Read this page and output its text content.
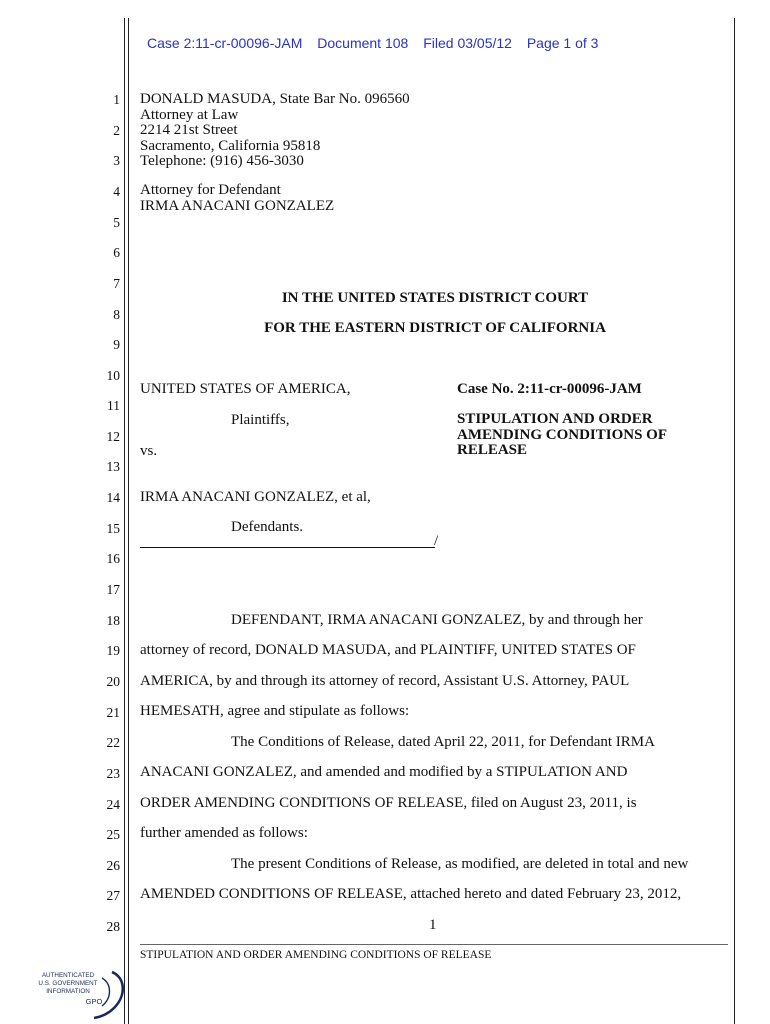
Case 2:11-cr-00096-JAM Document 108 Filed 03/05/12 Page 1 of 3
1
2
3
4
5
6
7
8
9
10
11
12
13
14
15
16
17
18
19
20
21
22
23
24
25
26
27
28
DONALD MASUDA, State Bar No. 096560
Attorney at Law
2214 21st Street
Sacramento, California 95818
Telephone: (916) 456-3030
Attorney for Defendant
IRMA ANACANI GONZALEZ
IN THE UNITED STATES DISTRICT COURT
FOR THE EASTERN DISTRICT OF CALIFORNIA
UNITED STATES OF AMERICA,
Plaintiffs,
vs.
IRMA ANACANI GONZALEZ, et al,
Defendants.
/
Case No. 2:11-cr-00096-JAM
STIPULATION AND ORDER
AMENDING CONDITIONS OF
RELEASE
DEFENDANT, IRMA ANACANI GONZALEZ, by and through her
attorney of record, DONALD MASUDA, and PLAINTIFF, UNITED STATES OF
AMERICA, by and through its attorney of record, Assistant U.S. Attorney, PAUL
HEMESATH, agree and stipulate as follows:
The Conditions of Release, dated April 22, 2011, for Defendant IRMA
ANACANI GONZALEZ, and amended and modified by a STIPULATION AND
ORDER AMENDING CONDITIONS OF RELEASE, filed on August 23, 2011, is
further amended as follows:
The present Conditions of Release, as modified, are deleted in total and new
AMENDED CONDITIONS OF RELEASE, attached hereto and dated February 23, 2012,
1
STIPULATION AND ORDER AMENDING CONDITIONS OF RELEASE
AUTHENTICATED
U.S. GOVERNMENT
INFORMATION
GPO
